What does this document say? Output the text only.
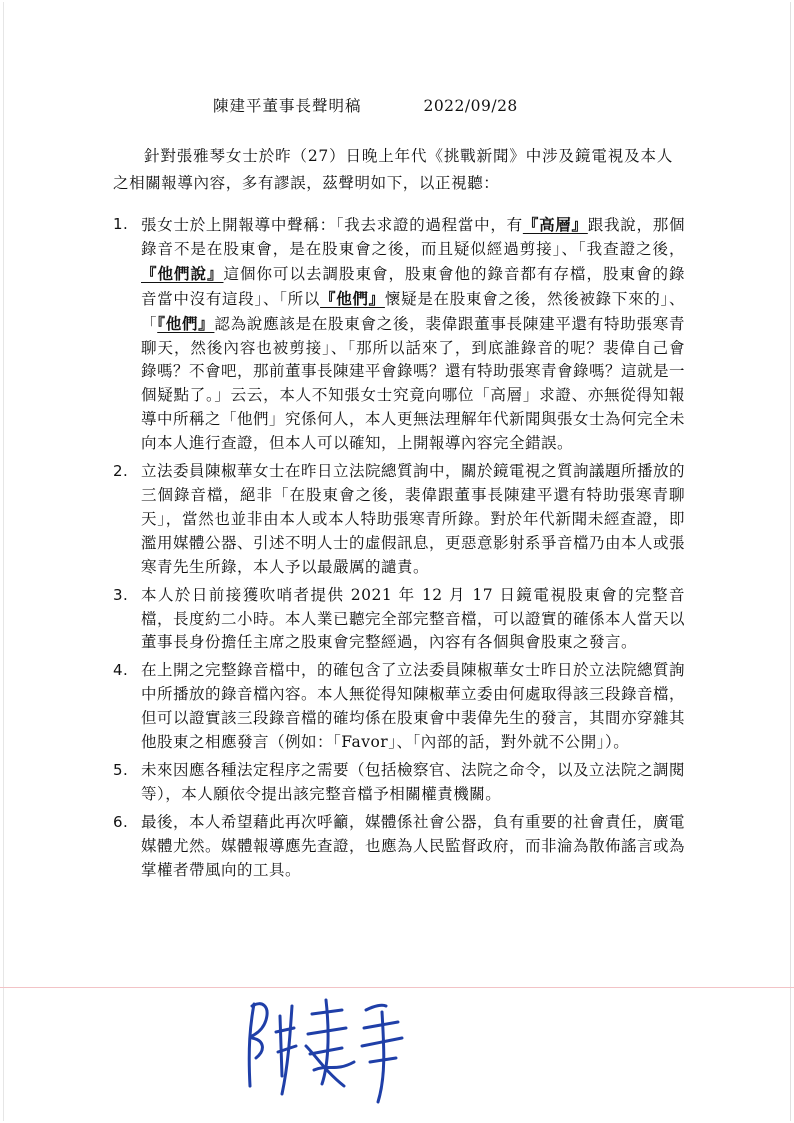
陳建平董事長聲明稿	2022/09/28

針對張雅琴女士於昨（27）日晚上年代《挑戰新聞》中涉及鏡電視及本人之相關報導內容，多有謬誤，茲聲明如下，以正視聽：

1. 張女士於上開報導中聲稱：「我去求證的過程當中，有『高層』跟我說，那個錄音不是在股東會，是在股東會之後，而且疑似經過剪接」、「我查證之後，『他們說』這個你可以去調股東會，股東會他的錄音都有存檔，股東會的錄音當中沒有這段」、「所以『他們』懷疑是在股東會之後，然後被錄下來的」、「『他們』認為說應該是在股東會之後，裴偉跟董事長陳建平還有特助張寒青聊天，然後內容也被剪接」、「那所以話來了，到底誰錄音的呢？裴偉自己會錄嗎？不會吧，那前董事長陳建平會錄嗎？還有特助張寒青會錄嗎？這就是一個疑點了。」云云，本人不知張女士究竟向哪位「高層」求證、亦無從得知報導中所稱之「他們」究係何人，本人更無法理解年代新聞與張女士為何完全未向本人進行查證，但本人可以確知，上開報導內容完全錯誤。
2. 立法委員陳椒華女士在昨日立法院總質詢中，關於鏡電視之質詢議題所播放的三個錄音檔，絕非「在股東會之後，裴偉跟董事長陳建平還有特助張寒青聊天」，當然也並非由本人或本人特助張寒青所錄。對於年代新聞未經查證，即濫用媒體公器、引述不明人士的虛假訊息，更惡意影射系爭音檔乃由本人或張寒青先生所錄，本人予以最嚴厲的譴責。
3. 本人於日前接獲吹哨者提供 2021 年 12 月 17 日鏡電視股東會的完整音檔，長度約二小時。本人業已聽完全部完整音檔，可以證實的確係本人當天以董事長身份擔任主席之股東會完整經過，內容有各個與會股東之發言。
4. 在上開之完整錄音檔中，的確包含了立法委員陳椒華女士昨日於立法院總質詢中所播放的錄音檔內容。本人無從得知陳椒華立委由何處取得該三段錄音檔，但可以證實該三段錄音檔的確均係在股東會中裴偉先生的發言，其間亦穿雜其他股東之相應發言（例如：「Favor」、「內部的話，對外就不公開」）。
5. 未來因應各種法定程序之需要（包括檢察官、法院之命令，以及立法院之調閱等），本人願依令提出該完整音檔予相關權責機關。
6. 最後，本人希望藉此再次呼籲，媒體係社會公器，負有重要的社會責任，廣電媒體尤然。媒體報導應先查證，也應為人民監督政府，而非淪為散佈謠言或為掌權者帶風向的工具。
